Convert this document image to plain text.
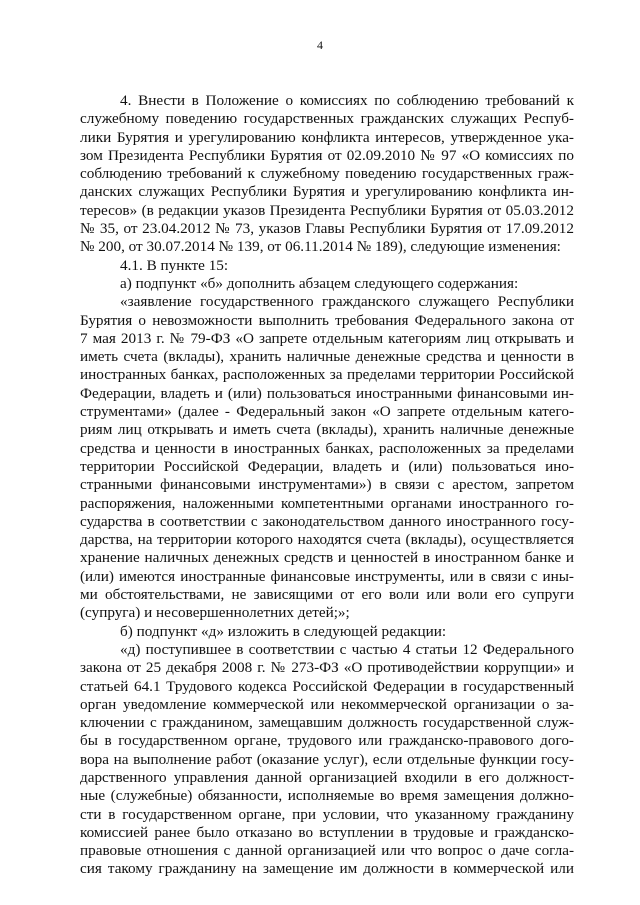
4
4. Внести в Положение о комиссиях по соблюдению требований к
служебному поведению государственных гражданских служащих Респуб-
лики Бурятия и урегулированию конфликта интересов, утвержденное ука-
зом Президента Республики Бурятия от 02.09.2010 № 97 «О комиссиях по
соблюдению требований к служебному поведению государственных граж-
данских служащих Республики Бурятия и урегулированию конфликта ин-
тересов» (в редакции указов Президента Республики Бурятия от 05.03.2012
№ 35, от 23.04.2012 № 73, указов Главы Республики Бурятия от 17.09.2012
№ 200, от 30.07.2014 № 139, от 06.11.2014 № 189), следующие изменения:
4.1. В пункте 15:
а) подпункт «б» дополнить абзацем следующего содержания:
«заявление государственного гражданского служащего Республики
Бурятия о невозможности выполнить требования Федерального закона от
7 мая 2013 г. № 79-ФЗ «О запрете отдельным категориям лиц открывать и
иметь счета (вклады), хранить наличные денежные средства и ценности в
иностранных банках, расположенных за пределами территории Российской
Федерации, владеть и (или) пользоваться иностранными финансовыми ин-
струментами» (далее - Федеральный закон «О запрете отдельным катего-
риям лиц открывать и иметь счета (вклады), хранить наличные денежные
средства и ценности в иностранных банках, расположенных за пределами
территории Российской Федерации, владеть и (или) пользоваться ино-
странными финансовыми инструментами») в связи с арестом, запретом
распоряжения, наложенными компетентными органами иностранного го-
сударства в соответствии с законодательством данного иностранного госу-
дарства, на территории которого находятся счета (вклады), осуществляется
хранение наличных денежных средств и ценностей в иностранном банке и
(или) имеются иностранные финансовые инструменты, или в связи с ины-
ми обстоятельствами, не зависящими от его воли или воли его супруги
(супруга) и несовершеннолетних детей;»;
б) подпункт «д» изложить в следующей редакции:
«д) поступившее в соответствии с частью 4 статьи 12 Федерального
закона от 25 декабря 2008 г. № 273-ФЗ «О противодействии коррупции» и
статьей 64.1 Трудового кодекса Российской Федерации в государственный
орган уведомление коммерческой или некоммерческой организации о за-
ключении с гражданином, замещавшим должность государственной служ-
бы в государственном органе, трудового или гражданско-правового дого-
вора на выполнение работ (оказание услуг), если отдельные функции госу-
дарственного управления данной организацией входили в его должност-
ные (служебные) обязанности, исполняемые во время замещения должно-
сти в государственном органе, при условии, что указанному гражданину
комиссией ранее было отказано во вступлении в трудовые и гражданско-
правовые отношения с данной организацией или что вопрос о даче согла-
сия такому гражданину на замещение им должности в коммерческой или
